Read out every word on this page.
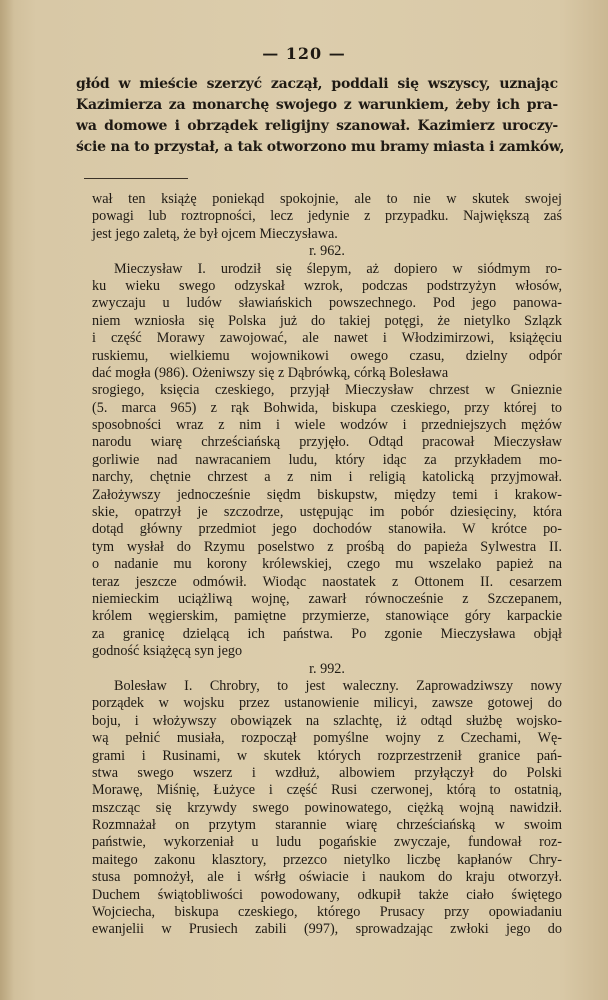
— 120 —
głód w mieście szerzyć zaczął, poddali się wszyscy, uznając
Kazimierza za monarchę swojego z warunkiem, żeby ich pra-
wa domowe i obrządek religijny szanował. Kazimierz uroczy-
ście na to przystał, a tak otworzono mu bramy miasta i zamków,
wał ten książę poniekąd spokojnie, ale to nie w skutek swojej
powagi lub roztropności, lecz jedynie z przypadku. Największą zaś
jest jego zaletą, że był ojcem Mieczysława.
r. 962.
Mieczysław I. urodził się ślepym, aż dopiero w siódmym ro-
ku wieku swego odzyskał wzrok, podczas podstrzyżyn włosów,
zwyczaju u ludów sławiańskich powszechnego. Pod jego panowa-
niem wzniosła się Polska już do takiej potęgi, że nietylko Szlązk
i część Morawy zawojować, ale nawet i Włodzimirzowi, książęciu
ruskiemu, wielkiemu wojownikowi owego czasu, dzielny odpór
dać mogła (986). Ożeniwszy się z Dąbrówką, córką Bolesława
srogiego, księcia czeskiego, przyjął Mieczysław chrzest w Gnieznie
(5. marca 965) z rąk Bohwida, biskupa czeskiego, przy której to
sposobności wraz z nim i wiele wodzów i przedniejszych mężów
narodu wiarę chrześciańską przyjęło. Odtąd pracował Mieczysław
gorliwie nad nawracaniem ludu, który idąc za przykładem mo-
narchy, chętnie chrzest a z nim i religią katolicką przyjmował.
Założywszy jednocześnie siędm biskupstw, między temi i krakow-
skie, opatrzył je szczodrze, ustępując im pobór dziesięciny, która
dotąd główny przedmiot jego dochodów stanowiła. W krótce po-
tym wysłał do Rzymu poselstwo z prośbą do papieża Sylwestra II.
o nadanie mu korony królewskiej, czego mu wszelako papież na
teraz jeszcze odmówił. Wiodąc naostatek z Ottonem II. cesarzem
niemieckim uciążliwą wojnę, zawarł równocześnie z Szczepanem,
królem węgierskim, pamiętne przymierze, stanowiące góry karpackie
za granicę dzielącą ich państwa. Po zgonie Mieczysława objął
godność książęcą syn jego
r. 992.
Bolesław I. Chrobry, to jest waleczny. Zaprowadziwszy nowy
porządek w wojsku przez ustanowienie milicyi, zawsze gotowej do
boju, i włożywszy obowiązek na szlachtę, iż odtąd służbę wojsko-
wą pełnić musiała, rozpoczął pomyślne wojny z Czechami, Wę-
grami i Rusinami, w skutek których rozprzestrzenił granice pań-
stwa swego wszerz i wzdłuż, albowiem przyłączył do Polski
Morawę, Miśnię, Łużyce i część Rusi czerwonej, którą to ostatnią,
mszcząc się krzywdy swego powinowatego, ciężką wojną nawidził.
Rozmnażał on przytym starannie wiarę chrześciańską w swoim
państwie, wykorzeniał u ludu pogańskie zwyczaje, fundował roz-
maitego zakonu klasztory, przezco nietylko liczbę kapłanów Chry-
stusa pomnożył, ale i wśrłg oświacie i naukom do kraju otworzył.
Duchem świątobliwości powodowany, odkupił także ciało świętego
Wojciecha, biskupa czeskiego, którego Prusacy przy opowiadaniu
ewanjelii w Prusiech zabili (997), sprowadzając zwłoki jego do
